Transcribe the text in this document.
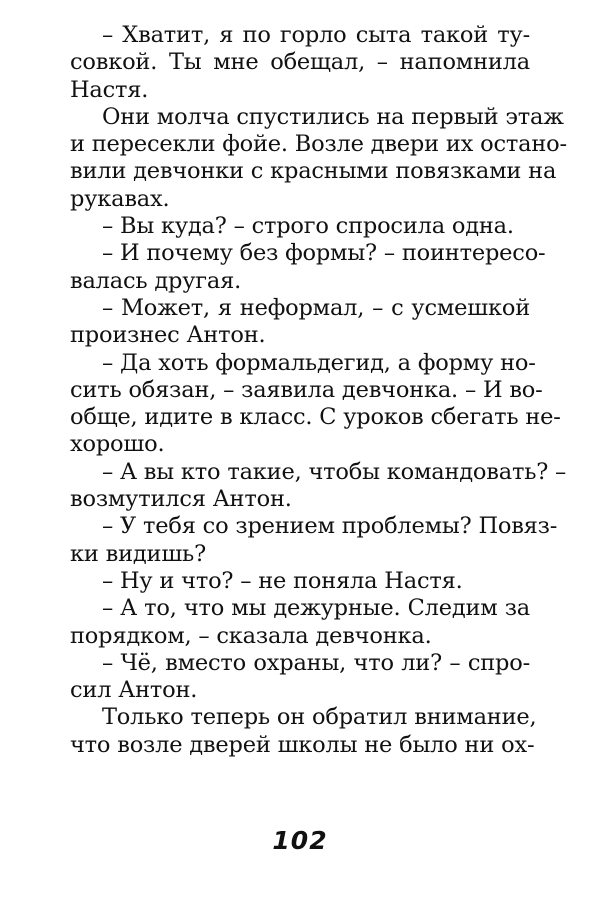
– Хватит, я по горло сыта такой ту-
совкой. Ты мне обещал, – напомнила
Настя.
Они молча спустились на первый этаж
и пересекли фойе. Возле двери их остано-
вили девчонки с красными повязками на
рукавах.
– Вы куда? – строго спросила одна.
– И почему без формы? – поинтересо-
валась другая.
– Может, я неформал, – с усмешкой
произнес Антон.
– Да хоть формальдегид, а форму но-
сить обязан, – заявила девчонка. – И во-
обще, идите в класс. С уроков сбегать не-
хорошо.
– А вы кто такие, чтобы командовать? –
возмутился Антон.
– У тебя со зрением проблемы? Повяз-
ки видишь?
– Ну и что? – не поняла Настя.
– А то, что мы дежурные. Следим за
порядком, – сказала девчонка.
– Чё, вместо охраны, что ли? – спро-
сил Антон.
Только теперь он обратил внимание,
что возле дверей школы не было ни ох-
102
